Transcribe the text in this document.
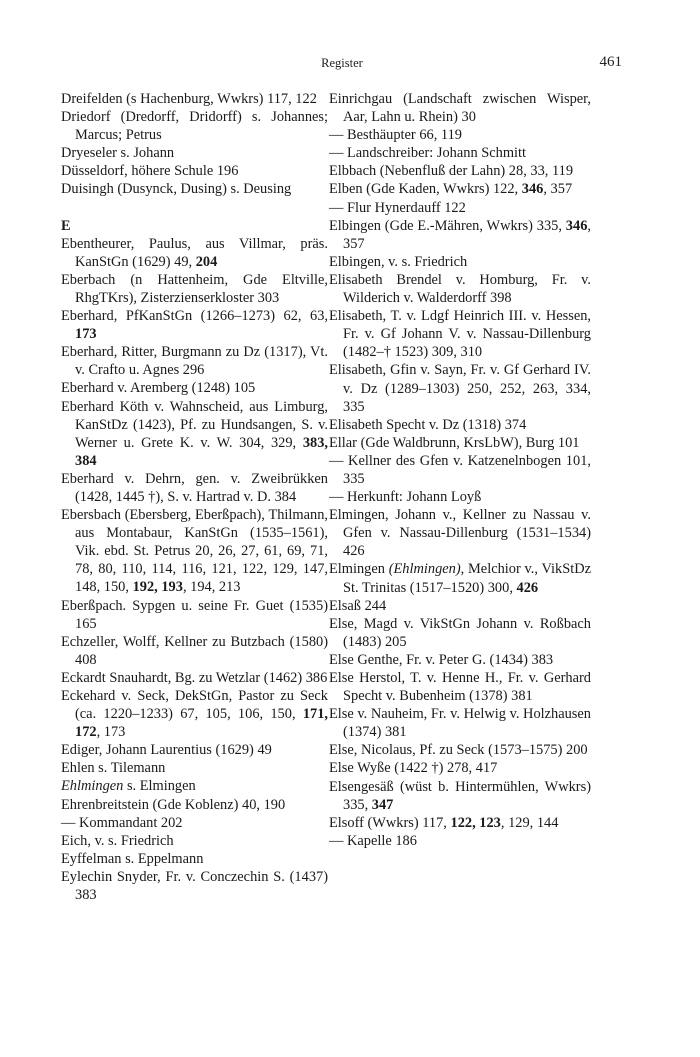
Register	461

Dreifelden (s Hachenburg, Wwkrs) 117, 122

Driedorf (Dredorff, Dridorff) s. Johannes; Marcus; Petrus

Dryeseler s. Johann

Düsseldorf, höhere Schule 196

Duisingh (Dusynck, Dusing) s. Deusing

E

Ebentheurer, Paulus, aus Villmar, präs. KanStGn (1629) 49, 204

Eberbach (n Hattenheim, Gde Eltville, RhgTKrs), Zisterzienserkloster 303

Eberhard, PfKanStGn (1266–1273) 62, 63, 173

Eberhard, Ritter, Burgmann zu Dz (1317), Vt. v. Crafto u. Agnes 296

Eberhard v. Aremberg (1248) 105

Eberhard Köth v. Wahnscheid, aus Limburg, KanStDz (1423), Pf. zu Hundsangen, S. v. Werner u. Grete K. v. W. 304, 329, 383, 384

Eberhard v. Dehrn, gen. v. Zweibrükken (1428, 1445 †), S. v. Hartrad v. D. 384

Ebersbach (Ebersberg, Eberßpach), Thilmann, aus Montabaur, KanStGn (1535–1561), Vik. ebd. St. Petrus 20, 26, 27, 61, 69, 71, 78, 80, 110, 114, 116, 121, 122, 129, 147, 148, 150, 192, 193, 194, 213

Eberßpach. Sypgen u. seine Fr. Guet (1535) 165

Echzeller, Wolff, Kellner zu Butzbach (1580) 408

Eckardt Snauhardt, Bg. zu Wetzlar (1462) 386

Eckehard v. Seck, DekStGn, Pastor zu Seck (ca. 1220–1233) 67, 105, 106, 150, 171, 172, 173

Ediger, Johann Laurentius (1629) 49

Ehlen s. Tilemann

Ehlmingen s. Elmingen

Ehrenbreitstein (Gde Koblenz) 40, 190

— Kommandant 202

Eich, v. s. Friedrich

Eyffelman s. Eppelmann

Eylechin Snyder, Fr. v. Conczechin S. (1437) 383

Einrichgau (Landschaft zwischen Wisper, Aar, Lahn u. Rhein) 30

— Besthäupter 66, 119

— Landschreiber: Johann Schmitt

Elbbach (Nebenfluß der Lahn) 28, 33, 119

Elben (Gde Kaden, Wwkrs) 122, 346, 357

— Flur Hynerdauff 122

Elbingen (Gde E.-Mähren, Wwkrs) 335, 346, 357

Elbingen, v. s. Friedrich

Elisabeth Brendel v. Homburg, Fr. v. Wilderich v. Walderdorff 398

Elisabeth, T. v. Ldgf Heinrich III. v. Hessen, Fr. v. Gf Johann V. v. Nassau-Dillenburg (1482–† 1523) 309, 310

Elisabeth, Gfin v. Sayn, Fr. v. Gf Gerhard IV. v. Dz (1289–1303) 250, 252, 263, 334, 335

Elisabeth Specht v. Dz (1318) 374

Ellar (Gde Waldbrunn, KrsLbW), Burg 101

— Kellner des Gfen v. Katzenelnbogen 101, 335

— Herkunft: Johann Loyß

Elmingen, Johann v., Kellner zu Nassau v. Gfen v. Nassau-Dillenburg (1531–1534) 426

Elmingen (Ehlmingen), Melchior v., VikStDz St. Trinitas (1517–1520) 300, 426

Elsaß 244

Else, Magd v. VikStGn Johann v. Roßbach (1483) 205

Else Genthe, Fr. v. Peter G. (1434) 383

Else Herstol, T. v. Henne H., Fr. v. Gerhard Specht v. Bubenheim (1378) 381

Else v. Nauheim, Fr. v. Helwig v. Holzhausen (1374) 381

Else, Nicolaus, Pf. zu Seck (1573–1575) 200

Else Wyße (1422 †) 278, 417

Elsengesäß (wüst b. Hintermühlen, Wwkrs) 335, 347

Elsoff (Wwkrs) 117, 122, 123, 129, 144

— Kapelle 186
